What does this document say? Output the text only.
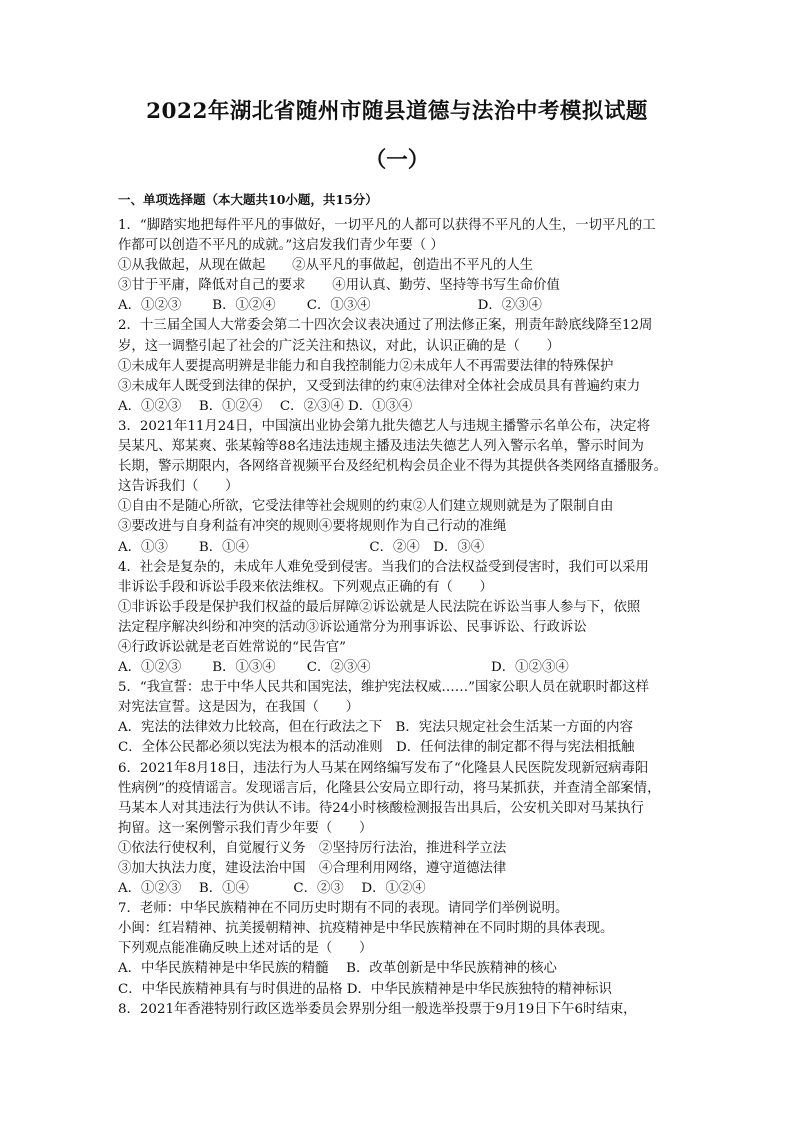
2022年湖北省随州市随县道德与法治中考模拟试题
（一）
一、单项选择题（本大题共10小题，共15分）
1．“脚踏实地把每件平凡的事做好，一切平凡的人都可以获得不平凡的人生，一切平凡的工
作都可以创造不平凡的成就。”这启发我们青少年要（ ）
①从我做起，从现在做起　　②从平凡的事做起，创造出不平凡的人生
③甘于平庸，降低对自己的要求　　④用认真、勤劳、坚持等书写生命价值
A．①②③　　 B．①②④　　 C．①③④　　　　　　　　D．②③④
2．十三届全国人大常委会第二十四次会议表决通过了刑法修正案，刑责年龄底线降至12周
岁，这一调整引起了社会的广泛关注和热议，对此，认识正确的是（　　）
①未成年人要提高明辨是非能力和自我控制能力②未成年人不再需要法律的特殊保护
③未成年人既受到法律的保护，又受到法律的约束④法律对全体社会成员具有普遍约束力
A．①②③　 B．①②④　 C．②③④ D．①③④
3．2021年11月24日，中国演出业协会第九批失德艺人与违规主播警示名单公布，决定将
吴某凡、郑某爽、张某翰等88名违法违规主播及违法失德艺人列入警示名单，警示时间为
长期，警示期限内，各网络音视频平台及经纪机构会员企业不得为其提供各类网络直播服务。
这告诉我们（　　）
①自由不是随心所欲，它受法律等社会规则的约束②人们建立规则就是为了限制自由
③要改进与自身利益有冲突的规则④要将规则作为自己行动的准绳
A．①③　　 B．①④　　　　　　　　　C．②④　D．③④
4．社会是复杂的，未成年人难免受到侵害。当我们的合法权益受到侵害时，我们可以采用
非诉讼手段和诉讼手段来依法维权。下列观点正确的有（　　）
①非诉讼手段是保护我们权益的最后屏障②诉讼就是人民法院在诉讼当事人参与下，依照
法定程序解决纠纷和冲突的活动③诉讼通常分为刑事诉讼、民事诉讼、行政诉讼
④行政诉讼就是老百姓常说的“民告官”
A．①②③　　 B．①③④　　 C．②③④　　　　　　　　　D．①②③④
5．“我宣誓：忠于中华人民共和国宪法，维护宪法权威……”国家公职人员在就职时都这样
对宪法宣誓。这是因为，在我国（　　）
A．宪法的法律效力比较高，但在行政法之下　B．宪法只规定社会生活某一方面的内容
C．全体公民都必须以宪法为根本的活动准则　D．任何法律的制定都不得与宪法相抵触
6．2021年8月18日，违法行为人马某在网络编写发布了“化隆县人民医院发现新冠病毒阳
性病例”的疫情谣言。发现谣言后，化隆县公安局立即行动，将马某抓获，并查清全部案情，
马某本人对其违法行为供认不讳。待24小时核酸检测报告出具后，公安机关即对马某执行
拘留。这一案例警示我们青少年要（　　）
①依法行使权利，自觉履行义务　②坚持厉行法治，推进科学立法
③加大执法力度，建设法治中国　④合理利用网络，遵守道德法律
A．①②③　 B．①④　　　 C．②③　 D．①②④
7．老师：中华民族精神在不同历史时期有不同的表现。请同学们举例说明。
小闽：红岩精神、抗美援朝精神、抗疫精神是中华民族精神在不同时期的具体表现。
下列观点能准确反映上述对话的是（　　）
A．中华民族精神是中华民族的精髓　 B．改革创新是中华民族精神的核心
C．中华民族精神具有与时俱进的品格 D．中华民族精神是中华民族独特的精神标识
8．2021年香港特别行政区选举委员会界别分组一般选举投票于9月19日下午6时结束，
